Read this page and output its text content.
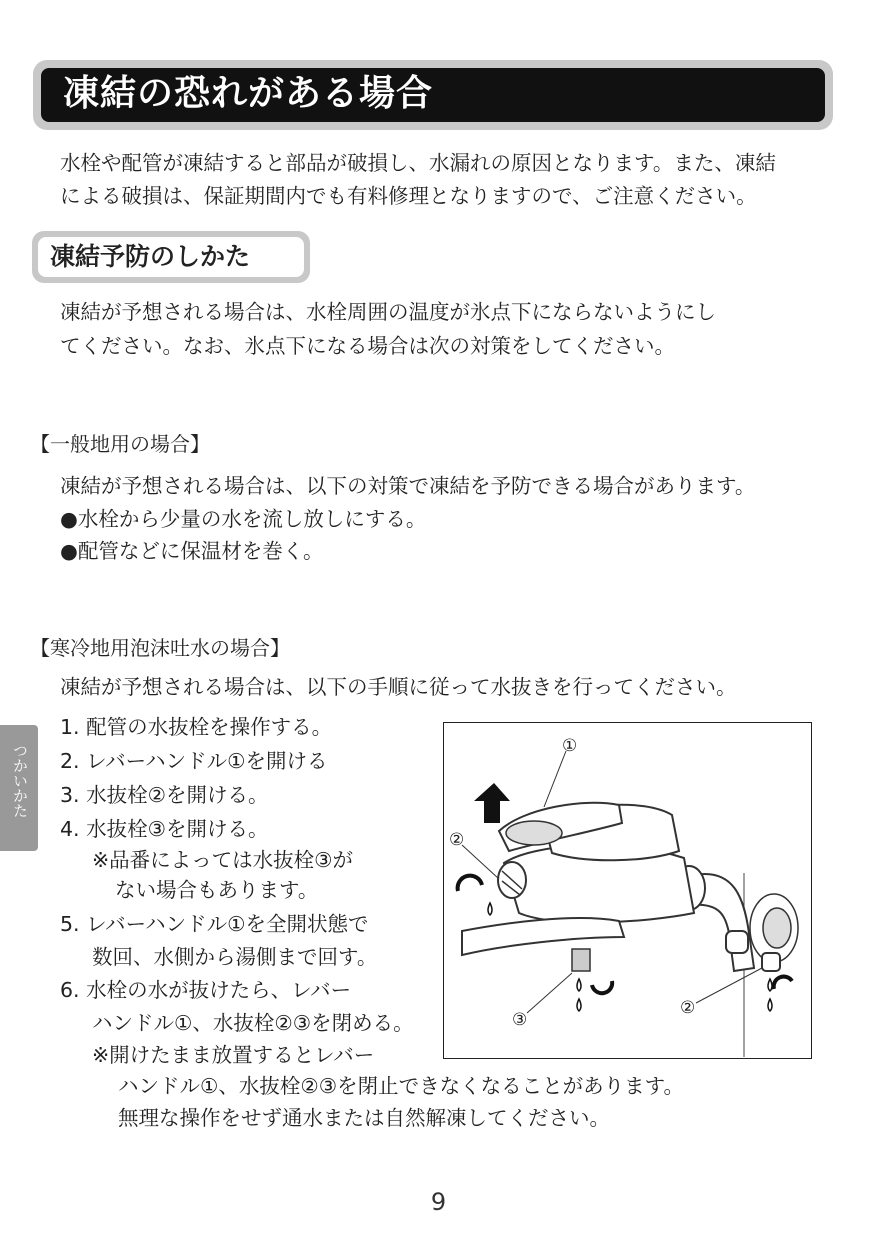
凍結の恐れがある場合
水栓や配管が凍結すると部品が破損し、水漏れの原因となります。また、凍結
による破損は、保証期間内でも有料修理となりますので、ご注意ください。
凍結予防のしかた
凍結が予想される場合は、水栓周囲の温度が氷点下にならないようにし
てください。なお、氷点下になる場合は次の対策をしてください。
【一般地用の場合】
凍結が予想される場合は、以下の対策で凍結を予防できる場合があります。
●水栓から少量の水を流し放しにする。
●配管などに保温材を巻く。
【寒冷地用泡沫吐水の場合】
凍結が予想される場合は、以下の手順に従って水抜きを行ってください。
1. 配管の水抜栓を操作する。
2. レバーハンドル①を開ける
3. 水抜栓②を開ける。
4. 水抜栓③を開ける。
※品番によっては水抜栓③が
ない場合もあります。
5. レバーハンドル①を全開状態で
数回、水側から湯側まで回す。
6. 水栓の水が抜けたら、レバー
ハンドル①、水抜栓②③を閉める。
※開けたまま放置するとレバー
ハンドル①、水抜栓②③を閉止できなくなることがあります。
無理な操作をせず通水または自然解凍してください。
つかいかた	①
②
②
③
9
